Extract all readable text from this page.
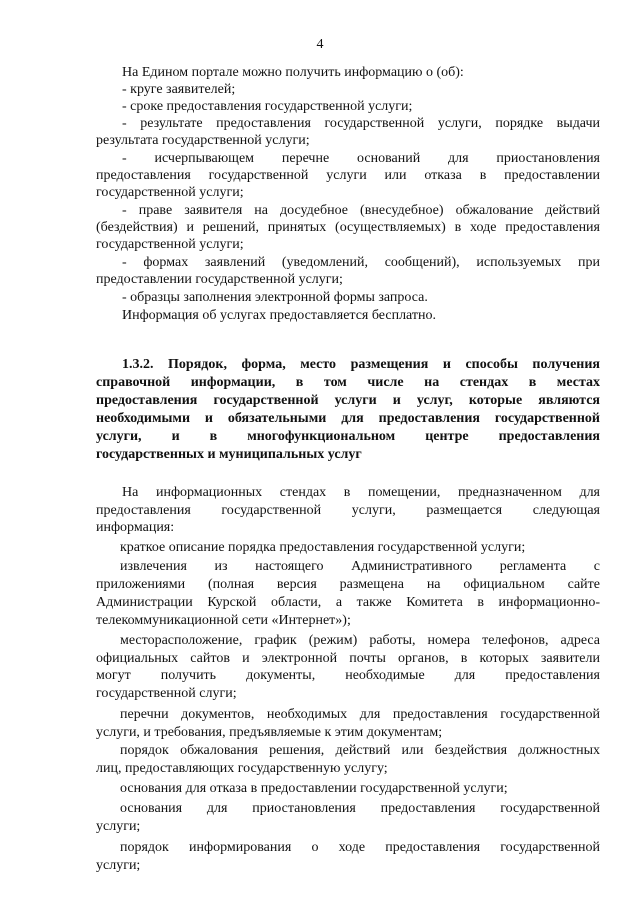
4
На Едином портале можно получить информацию о (об):
- круге заявителей;
- сроке предоставления государственной услуги;
- результате предоставления государственной услуги, порядке выдачи
результата государственной услуги;
- исчерпывающем перечне оснований для приостановления
предоставления государственной услуги или отказа в предоставлении
государственной услуги;
- праве заявителя на досудебное (внесудебное) обжалование действий
(бездействия) и решений, принятых (осуществляемых) в ходе предоставления
государственной услуги;
- формах заявлений (уведомлений, сообщений), используемых при
предоставлении государственной услуги;
- образцы заполнения электронной формы запроса.
Информация об услугах предоставляется бесплатно.
1.3.2. Порядок, форма, место размещения и способы получения
справочной информации, в том числе на стендах в местах
предоставления государственной услуги и услуг, которые являются
необходимыми и обязательными для предоставления государственной
услуги, и в многофункциональном центре предоставления
государственных и муниципальных услуг
На информационных стендах в помещении, предназначенном для
предоставления государственной услуги, размещается следующая
информация:
краткое описание порядка предоставления государственной услуги;
извлечения из настоящего Административного регламента с
приложениями (полная версия размещена на официальном сайте
Администрации Курской области, а также Комитета в информационно-
телекоммуникационной сети «Интернет»);
месторасположение, график (режим) работы, номера телефонов, адреса
официальных сайтов и электронной почты органов, в которых заявители
могут получить документы, необходимые для предоставления
государственной слуги;
перечни документов, необходимых для предоставления государственной
услуги, и требования, предъявляемые к этим документам;
порядок обжалования решения, действий или бездействия должностных
лиц, предоставляющих государственную услугу;
основания для отказа в предоставлении государственной услуги;
основания для приостановления предоставления государственной
услуги;
порядок информирования о ходе предоставления государственной
услуги;
